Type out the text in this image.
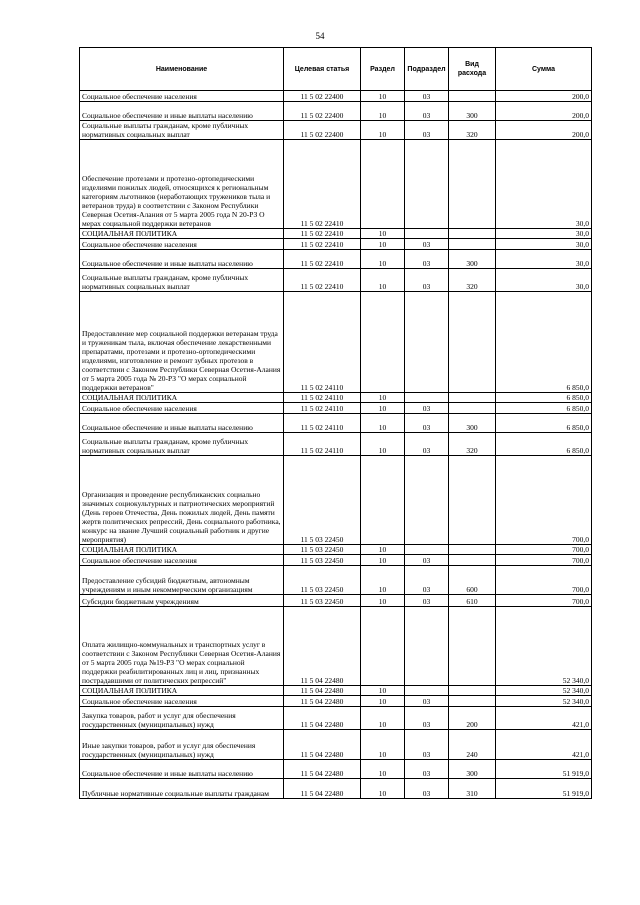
54
Наименование	Целевая статья	Раздел	Подраздел	Вид расхода	Сумма
Социальное обеспечение населения	11 5 02 22400	10	03		200,0
Социальное обеспечение и иные выплаты населению	11 5 02 22400	10	03	300	200,0
Социальные выплаты гражданам, кроме публичных нормативных социальных выплат	11 5 02 22400	10	03	320	200,0
Обеспечение протезами и протезно-ортопедическими изделиями пожилых людей, относящихся к региональным категориям льготников (неработающих тружеников тыла и ветеранов труда) в соответствии с Законом Республики Северная Осетия-Алания от 5 марта 2005 года N 20-РЗ О мерах социальной поддержки ветеранов	11 5 02 22410				30,0
СОЦИАЛЬНАЯ ПОЛИТИКА	11 5 02 22410	10			30,0
Социальное обеспечение населения	11 5 02 22410	10	03		30,0
Социальное обеспечение и иные выплаты населению	11 5 02 22410	10	03	300	30,0
Социальные выплаты гражданам, кроме публичных нормативных социальных выплат	11 5 02 22410	10	03	320	30,0
Предоставление мер социальной поддержки ветеранам труда и труженикам тыла, включая обеспечение лекарственными препаратами, протезами и протезно-ортопедическими изделиями, изготовление и ремонт зубных протезов в соответствии с Законом Республики Северная Осетия-Алания от 5 марта 2005 года № 20-РЗ "О мерах социальной поддержки ветеранов"	11 5 02 24110				6 850,0
СОЦИАЛЬНАЯ ПОЛИТИКА	11 5 02 24110	10			6 850,0
Социальное обеспечение населения	11 5 02 24110	10	03		6 850,0
Социальное обеспечение и иные выплаты населению	11 5 02 24110	10	03	300	6 850,0
Социальные выплаты гражданам, кроме публичных нормативных социальных выплат	11 5 02 24110	10	03	320	6 850,0
Организация и проведение республиканских социально значимых социокультурных и патриотических мероприятий (День героев Отечества, День пожилых людей, День памяти жертв политических репрессий, День социального работника, конкурс на звание Лучший социальный работник и другие мероприятия)	11 5 03 22450				700,0
СОЦИАЛЬНАЯ ПОЛИТИКА	11 5 03 22450	10			700,0
Социальное обеспечение населения	11 5 03 22450	10	03		700,0
Предоставление субсидий бюджетным, автономным учреждениям и иным некоммерческим организациям	11 5 03 22450	10	03	600	700,0
Субсидии бюджетным учреждениям	11 5 03 22450	10	03	610	700,0
Оплата жилищно-коммунальных и транспортных услуг в соответствии с Законом Республики Северная Осетия-Алания от 5 марта 2005 года №19-РЗ "О мерах социальной поддержки реабилитированных лиц и лиц, признанных пострадавшими от политических репрессий"	11 5 04 22480				52 340,0
СОЦИАЛЬНАЯ ПОЛИТИКА	11 5 04 22480	10			52 340,0
Социальное обеспечение населения	11 5 04 22480	10	03		52 340,0
Закупка товаров, работ и услуг для обеспечения государственных (муниципальных) нужд	11 5 04 22480	10	03	200	421,0
Иные закупки товаров, работ и услуг для обеспечения государственных (муниципальных) нужд	11 5 04 22480	10	03	240	421,0
Социальное обеспечение и иные выплаты населению	11 5 04 22480	10	03	300	51 919,0
Публичные нормативные социальные выплаты гражданам	11 5 04 22480	10	03	310	51 919,0
